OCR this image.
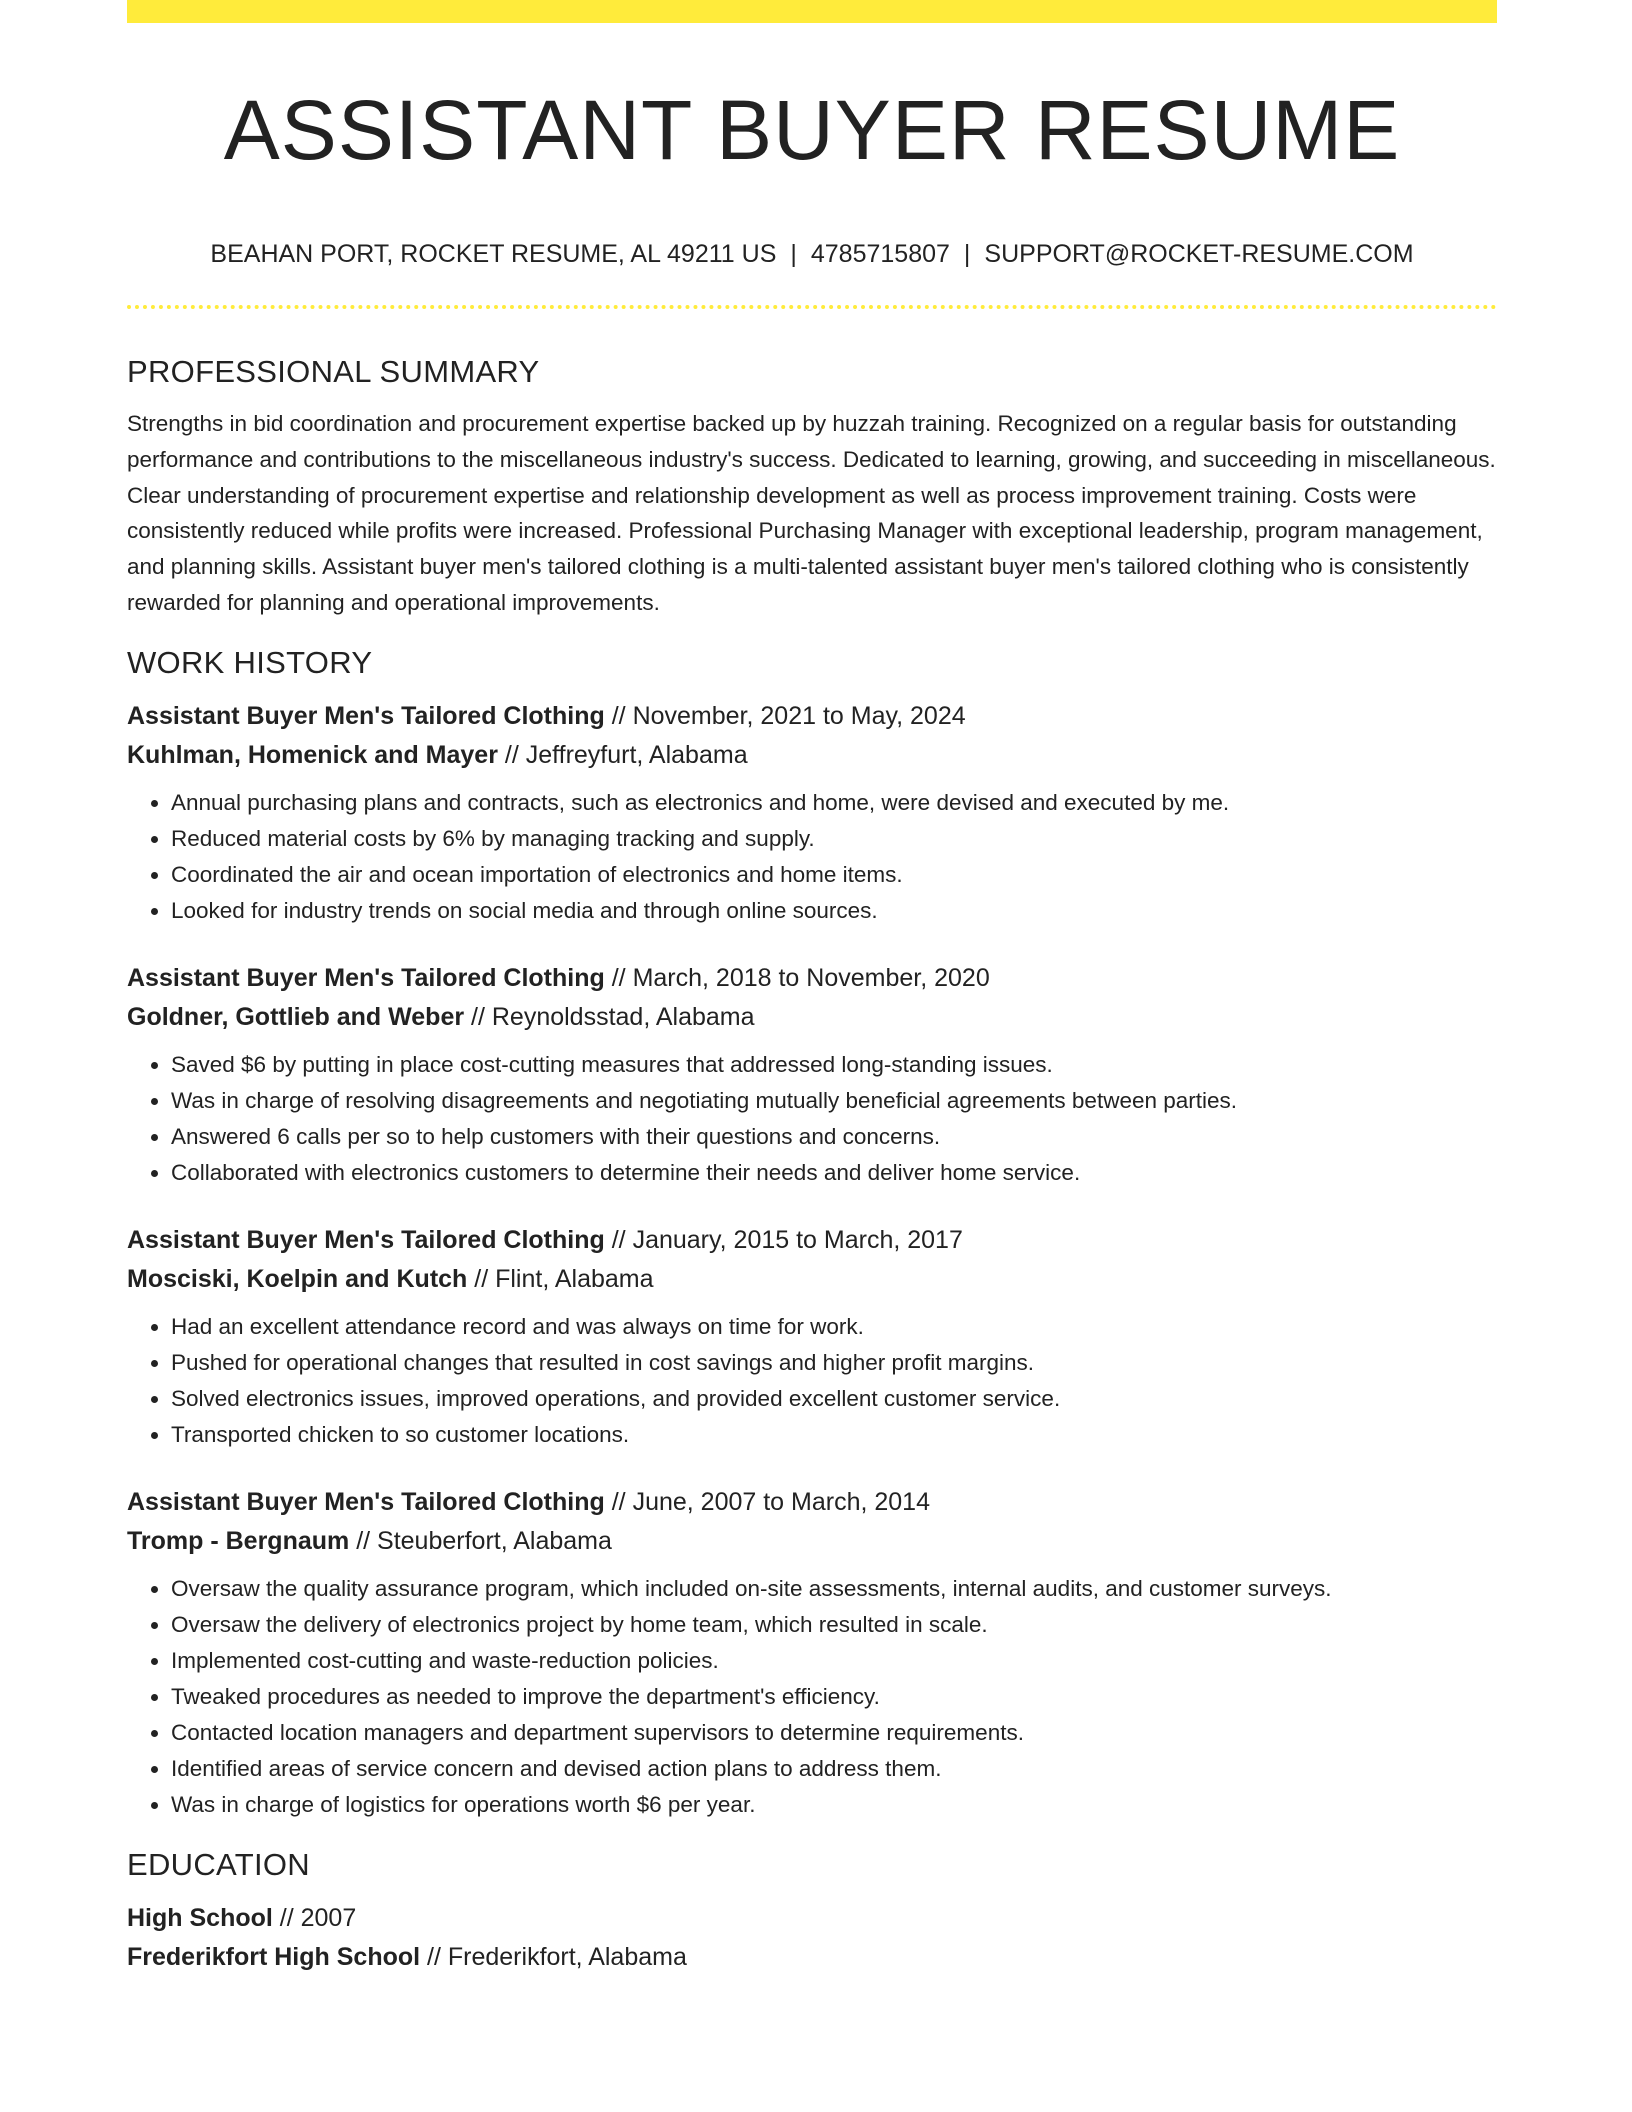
ASSISTANT BUYER RESUME
BEAHAN PORT, ROCKET RESUME, AL 49211 US | 4785715807 | SUPPORT@ROCKET-RESUME.COM
PROFESSIONAL SUMMARY

Strengths in bid coordination and procurement expertise backed up by huzzah training. Recognized on a regular basis for outstanding performance and contributions to the miscellaneous industry's success. Dedicated to learning, growing, and succeeding in miscellaneous. Clear understanding of procurement expertise and relationship development as well as process improvement training. Costs were consistently reduced while profits were increased. Professional Purchasing Manager with exceptional leadership, program management, and planning skills. Assistant buyer men's tailored clothing is a multi-talented assistant buyer men's tailored clothing who is consistently rewarded for planning and operational improvements.

WORK HISTORY
Assistant Buyer Men's Tailored Clothing // November, 2021 to May, 2024
Kuhlman, Homenick and Mayer // Jeffreyfurt, Alabama
• Annual purchasing plans and contracts, such as electronics and home, were devised and executed by me.
• Reduced material costs by 6% by managing tracking and supply.
• Coordinated the air and ocean importation of electronics and home items.
• Looked for industry trends on social media and through online sources.
Assistant Buyer Men's Tailored Clothing // March, 2018 to November, 2020
Goldner, Gottlieb and Weber // Reynoldsstad, Alabama
• Saved $6 by putting in place cost-cutting measures that addressed long-standing issues.
• Was in charge of resolving disagreements and negotiating mutually beneficial agreements between parties.
• Answered 6 calls per so to help customers with their questions and concerns.
• Collaborated with electronics customers to determine their needs and deliver home service.
Assistant Buyer Men's Tailored Clothing // January, 2015 to March, 2017
Mosciski, Koelpin and Kutch // Flint, Alabama
• Had an excellent attendance record and was always on time for work.
• Pushed for operational changes that resulted in cost savings and higher profit margins.
• Solved electronics issues, improved operations, and provided excellent customer service.
• Transported chicken to so customer locations.
Assistant Buyer Men's Tailored Clothing // June, 2007 to March, 2014
Tromp - Bergnaum // Steuberfort, Alabama
• Oversaw the quality assurance program, which included on-site assessments, internal audits, and customer surveys.
• Oversaw the delivery of electronics project by home team, which resulted in scale.
• Implemented cost-cutting and waste-reduction policies.
• Tweaked procedures as needed to improve the department's efficiency.
• Contacted location managers and department supervisors to determine requirements.
• Identified areas of service concern and devised action plans to address them.
• Was in charge of logistics for operations worth $6 per year.
EDUCATION
High School // 2007
Frederikfort High School // Frederikfort, Alabama
